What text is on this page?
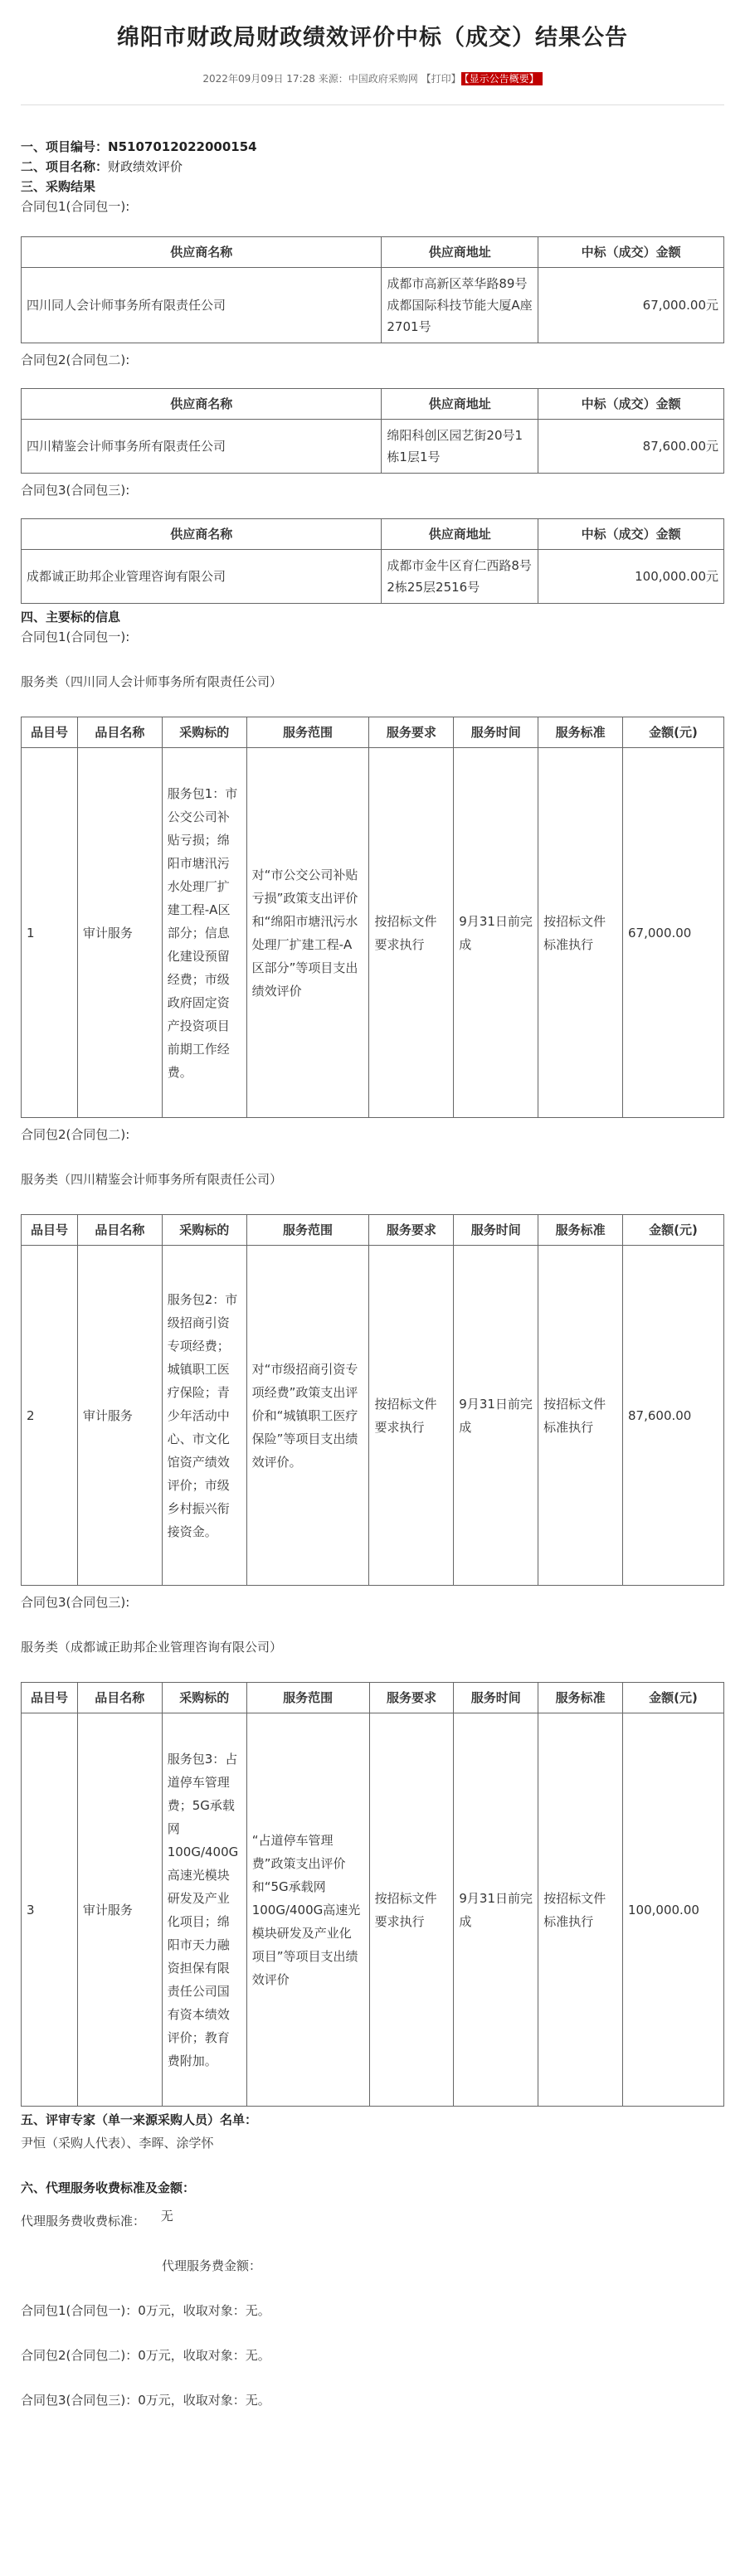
绵阳市财政局财政绩效评价中标（成交）结果公告
2022年09月09日 17:28 来源：中国政府采购网 【打印】 【显示公告概要】
一、项目编号：N5107012022000154
二、项目名称：财政绩效评价
三、采购结果
合同包1(合同包一):
供应商名称	供应商地址	中标（成交）金额
四川同人会计师事务所有限责任公司	成都市高新区萃华路89号成都国际科技节能大厦A座2701号	67,000.00元
合同包2(合同包二):
供应商名称	供应商地址	中标（成交）金额
四川精鉴会计师事务所有限责任公司	绵阳科创区园艺街20号1栋1层1号	87,600.00元
合同包3(合同包三):
供应商名称	供应商地址	中标（成交）金额
成都诚正助邦企业管理咨询有限公司	成都市金牛区育仁西路8号2栋25层2516号	100,000.00元
四、主要标的信息
合同包1(合同包一):
服务类（四川同人会计师事务所有限责任公司）
品目号	品目名称	采购标的	服务范围	服务要求	服务时间	服务标准	金额(元)
1	审计服务	服务包1：市公交公司补贴亏损；绵阳市塘汛污水处理厂扩建工程-A区部分；信息化建设预留经费；市级政府固定资产投资项目前期工作经费。	对“市公交公司补贴亏损”政策支出评价和“绵阳市塘汛污水处理厂扩建工程-A区部分”等项目支出绩效评价	按招标文件要求执行	9月31日前完成	按招标文件标准执行	67,000.00
合同包2(合同包二):
服务类（四川精鉴会计师事务所有限责任公司）
品目号	品目名称	采购标的	服务范围	服务要求	服务时间	服务标准	金额(元)
2	审计服务	服务包2：市级招商引资专项经费；城镇职工医疗保险；青少年活动中心、市文化馆资产绩效评价；市级乡村振兴衔接资金。	对“市级招商引资专项经费”政策支出评价和“城镇职工医疗保险”等项目支出绩效评价。	按招标文件要求执行	9月31日前完成	按招标文件标准执行	87,600.00
合同包3(合同包三):
服务类（成都诚正助邦企业管理咨询有限公司）
品目号	品目名称	采购标的	服务范围	服务要求	服务时间	服务标准	金额(元)
3	审计服务	服务包3：占道停车管理费；5G承载网100G/400G高速光模块研发及产业化项目；绵阳市天力融资担保有限责任公司国有资本绩效评价；教育费附加。	“占道停车管理费”政策支出评价和“5G承载网100G/400G高速光模块研发及产业化项目”等项目支出绩效评价	按招标文件要求执行	9月31日前完成	按招标文件标准执行	100,000.00
五、评审专家（单一来源采购人员）名单：
尹恒（采购人代表）、李晖、涂学怀
六、代理服务收费标准及金额：
代理服务费收费标准： 无
代理服务费金额：
合同包1(合同包一)：0万元，收取对象：无。
合同包2(合同包二)：0万元，收取对象：无。
合同包3(合同包三)：0万元，收取对象：无。
